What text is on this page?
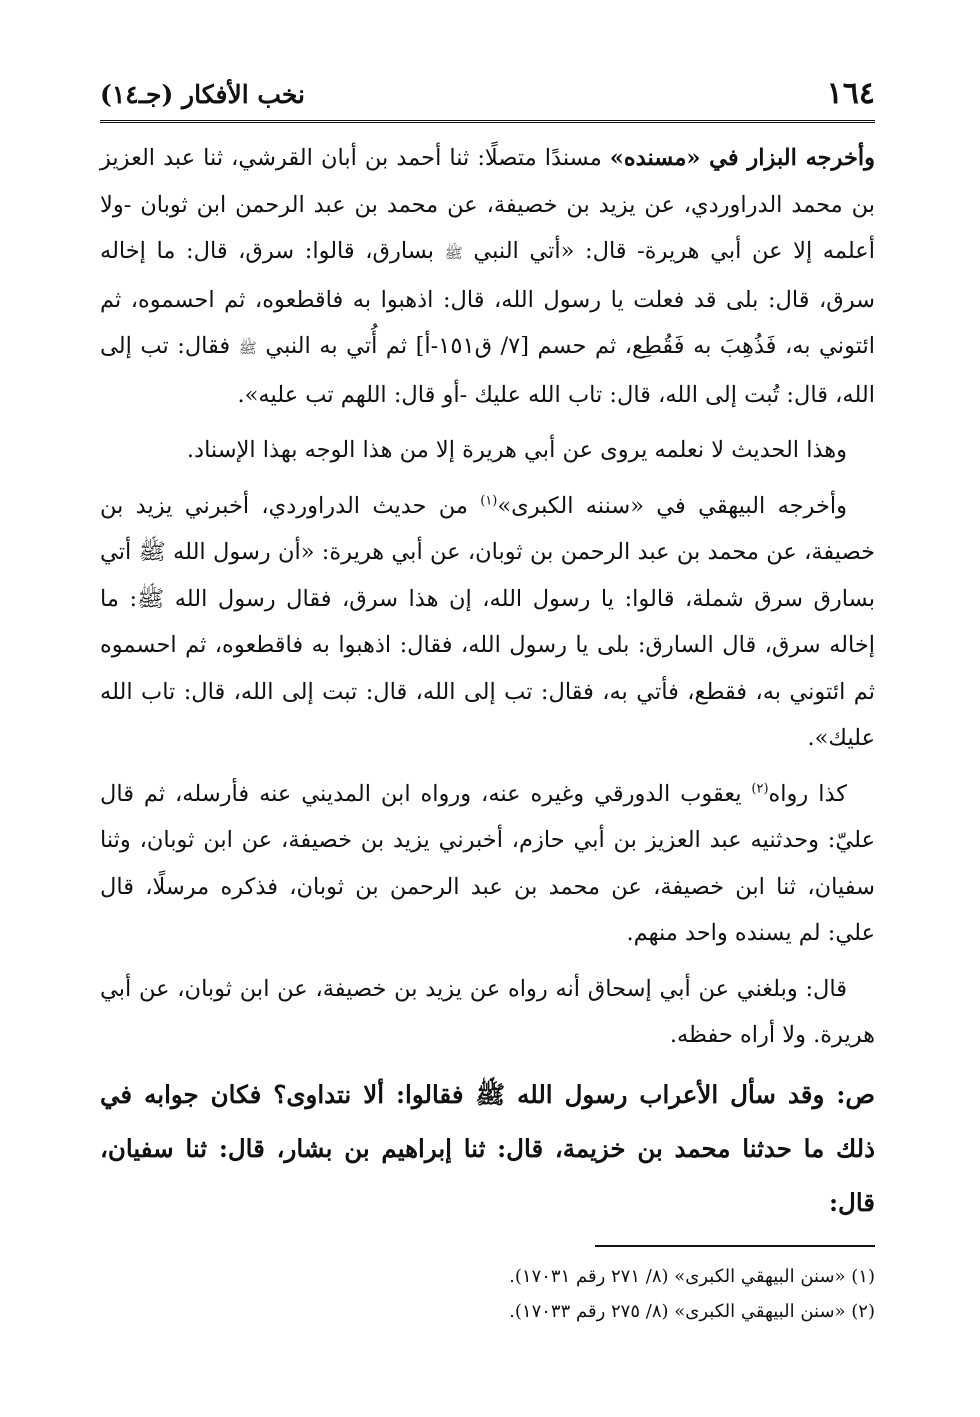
١٦٤
نخب الأفكار (جـ١٤)

وأخرجه البزار في «مسنده» مسندًا متصلًا: ثنا أحمد بن أبان القرشي، ثنا عبد العزيز بن محمد الدراوردي، عن يزيد بن خصيفة، عن محمد بن عبد الرحمن ابن ثوبان -ولا أعلمه إلا عن أبي هريرة- قال: «أتي النبي ﷺ بسارق، قالوا: سرق، قال: ما إخاله سرق، قال: بلى قد فعلت يا رسول الله، قال: اذهبوا به فاقطعوه، ثم احسموه، ثم ائتوني به، فَذُهِبَ به فَقُطِع، ثم حسم [٧/ ق١٥١-أ] ثم أُتي به النبي ﷺ فقال: تب إلى الله، قال: تُبت إلى الله، قال: تاب الله عليك -أو قال: اللهم تب عليه».

وهذا الحديث لا نعلمه يروى عن أبي هريرة إلا من هذا الوجه بهذا الإسناد.

وأخرجه البيهقي في «سننه الكبرى»$^{(١)}$ من حديث الدراوردي، أخبرني يزيد بن خصيفة، عن محمد بن عبد الرحمن بن ثوبان، عن أبي هريرة: «أن رسول الله ﷺ أتي بسارق سرق شملة، قالوا: يا رسول الله، إن هذا سرق، فقال رسول الله ﷺ: ما إخاله سرق، قال السارق: بلى يا رسول الله، فقال: اذهبوا به فاقطعوه، ثم احسموه ثم ائتوني به، فقطع، فأتي به، فقال: تب إلى الله، قال: تبت إلى الله، قال: تاب الله عليك».

كذا رواه$^{(٢)}$ يعقوب الدورقي وغيره عنه، ورواه ابن المديني عنه فأرسله، ثم قال عليّ: وحدثنيه عبد العزيز بن أبي حازم، أخبرني يزيد بن خصيفة، عن ابن ثوبان، وثنا سفيان، ثنا ابن خصيفة، عن محمد بن عبد الرحمن بن ثوبان، فذكره مرسلًا، قال علي: لم يسنده واحد منهم.

قال: وبلغني عن أبي إسحاق أنه رواه عن يزيد بن خصيفة، عن ابن ثوبان، عن أبي هريرة. ولا أراه حفظه.

ص: وقد سأل الأعراب رسول الله ﷺ فقالوا: ألا نتداوى؟ فكان جوابه في ذلك ما حدثنا محمد بن خزيمة، قال: ثنا إبراهيم بن بشار، قال: ثنا سفيان، قال:

(١) «سنن البيهقي الكبرى» (٨/ ٢٧١ رقم ١٧٠٣١).
(٢) «سنن البيهقي الكبرى» (٨/ ٢٧٥ رقم ١٧٠٣٣).
